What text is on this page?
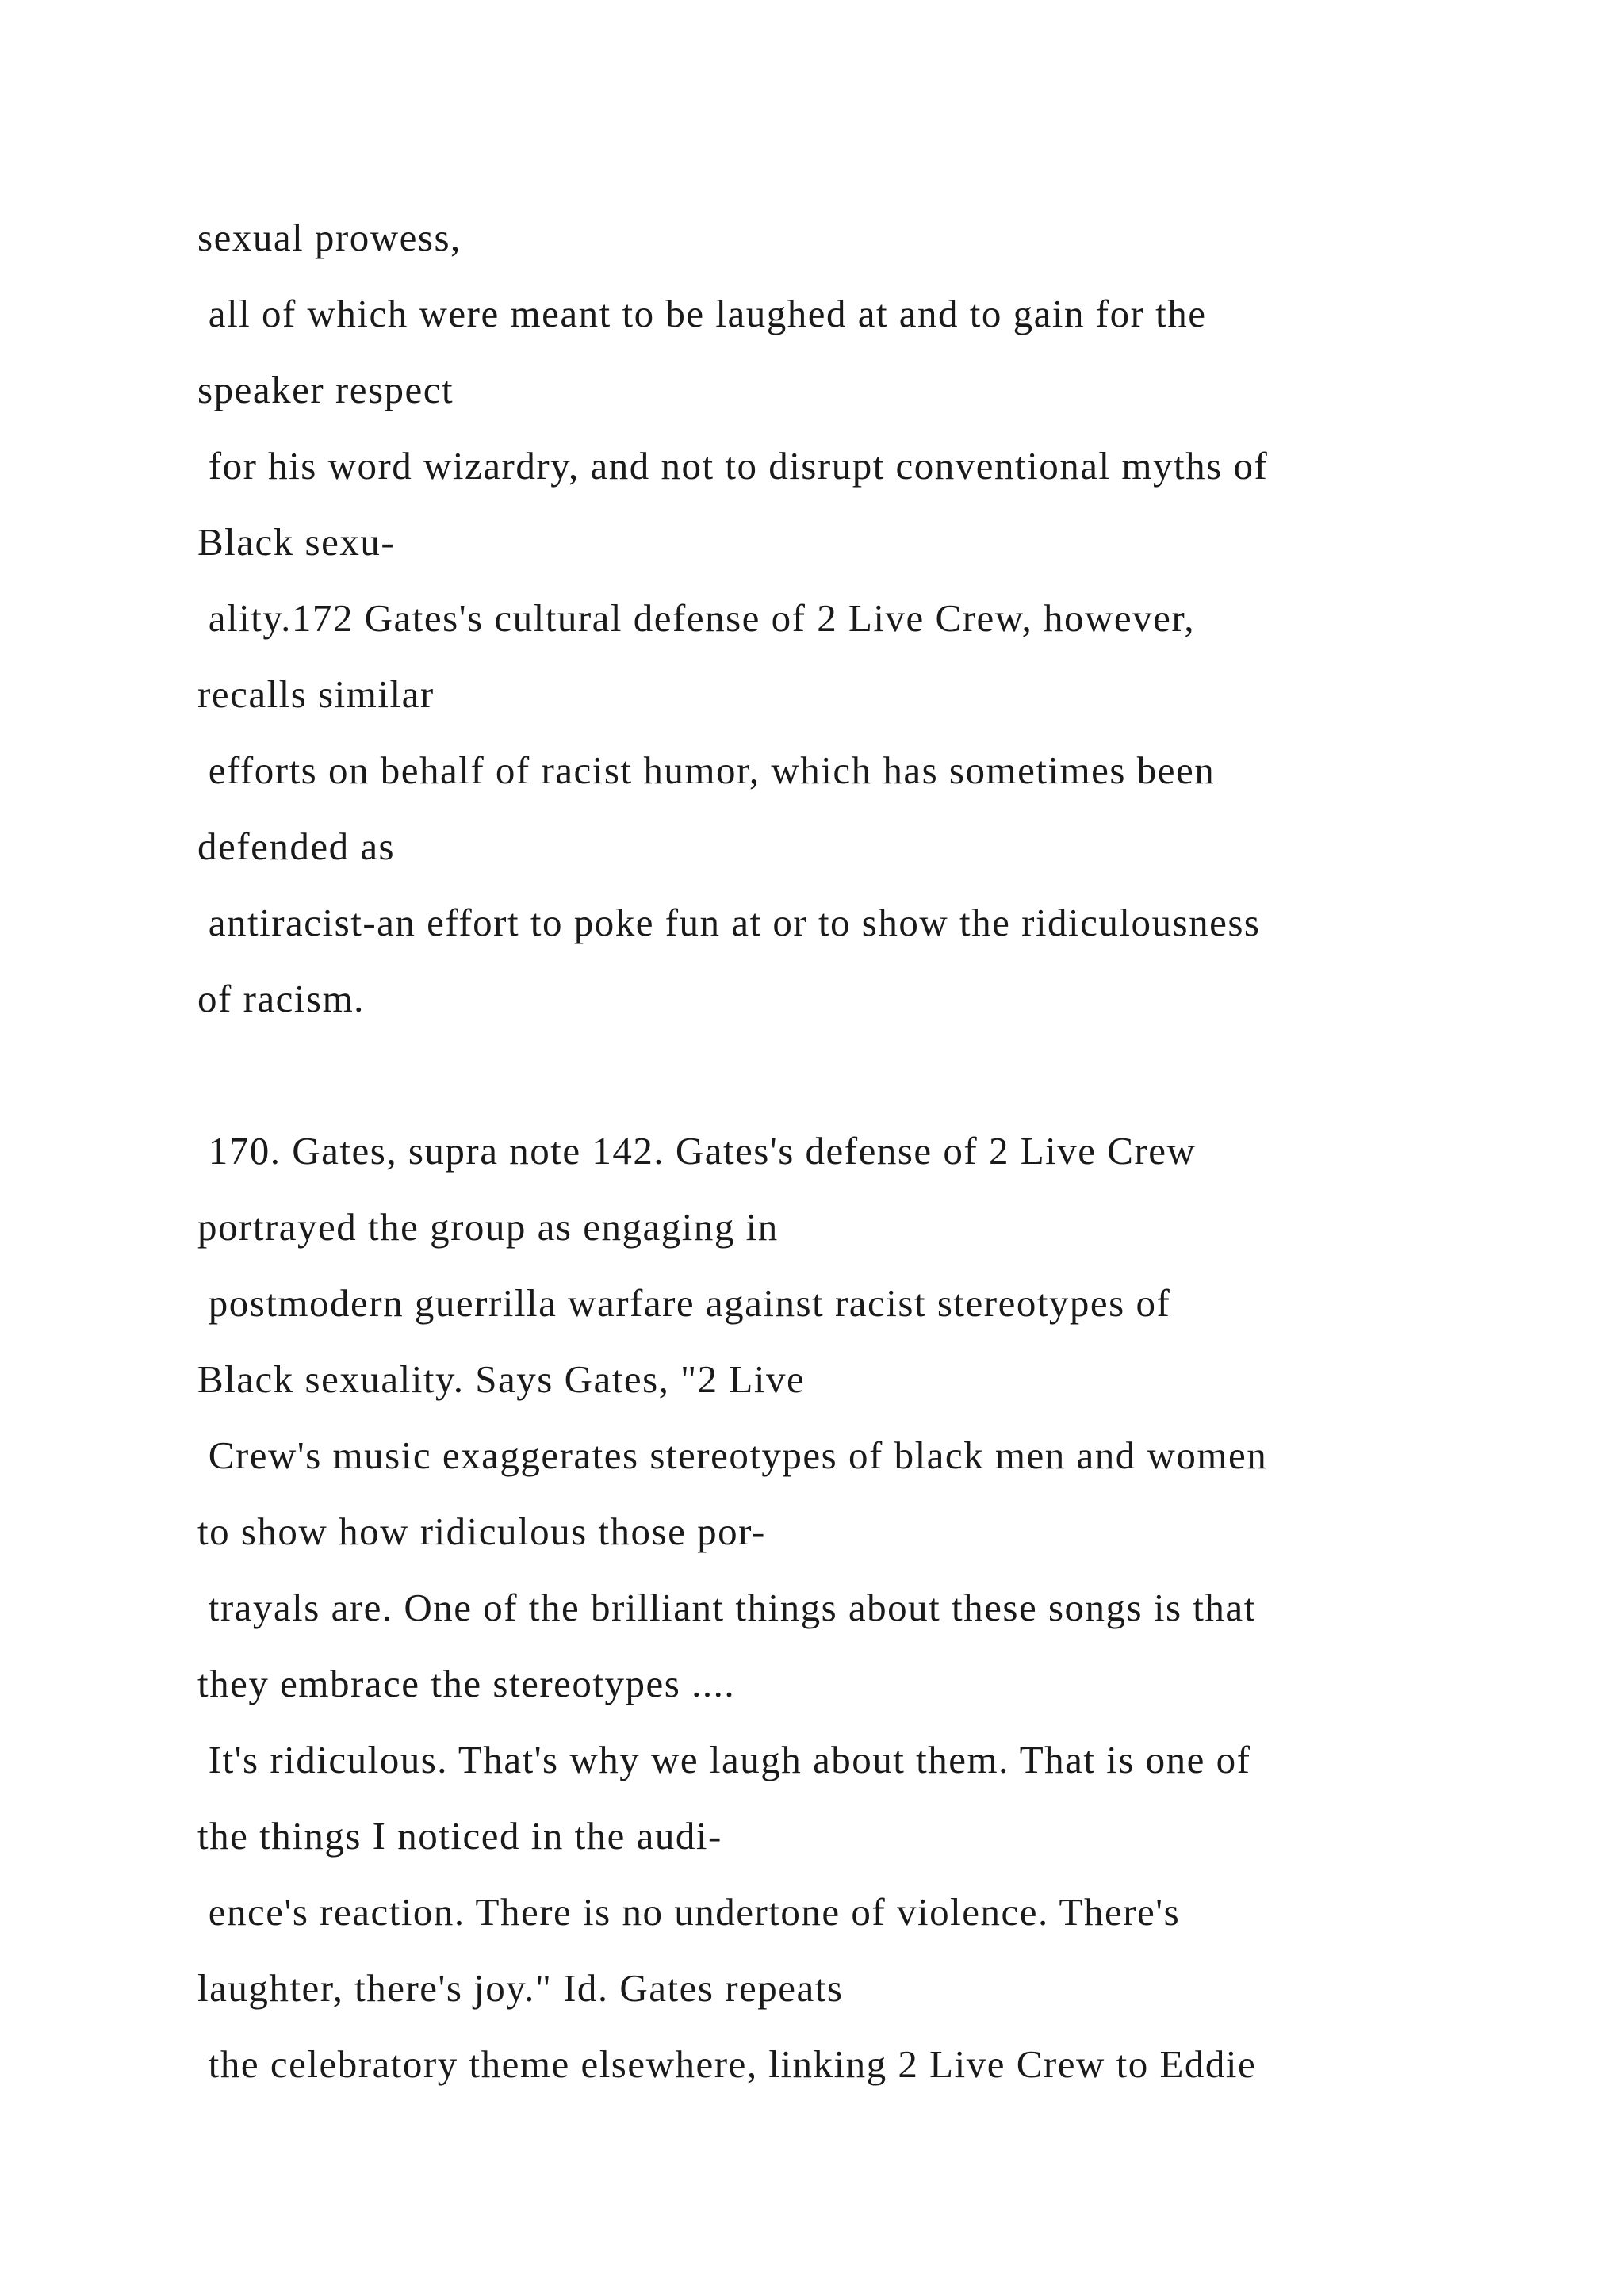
sexual prowess,
all of which were meant to be laughed at and to gain for the
speaker respect
for his word wizardry, and not to disrupt conventional myths of
Black sexu-
ality.172 Gates's cultural defense of 2 Live Crew, however,
recalls similar
efforts on behalf of racist humor, which has sometimes been
defended as
antiracist-an effort to poke fun at or to show the ridiculousness
of racism.
170. Gates, supra note 142. Gates's defense of 2 Live Crew
portrayed the group as engaging in
postmodern guerrilla warfare against racist stereotypes of
Black sexuality. Says Gates, "2 Live
Crew's music exaggerates stereotypes of black men and women
to show how ridiculous those por-
trayals are. One of the brilliant things about these songs is that
they embrace the stereotypes ....
It's ridiculous. That's why we laugh about them. That is one of
the things I noticed in the audi-
ence's reaction. There is no undertone of violence. There's
laughter, there's joy." Id. Gates repeats
the celebratory theme elsewhere, linking 2 Live Crew to Eddie
